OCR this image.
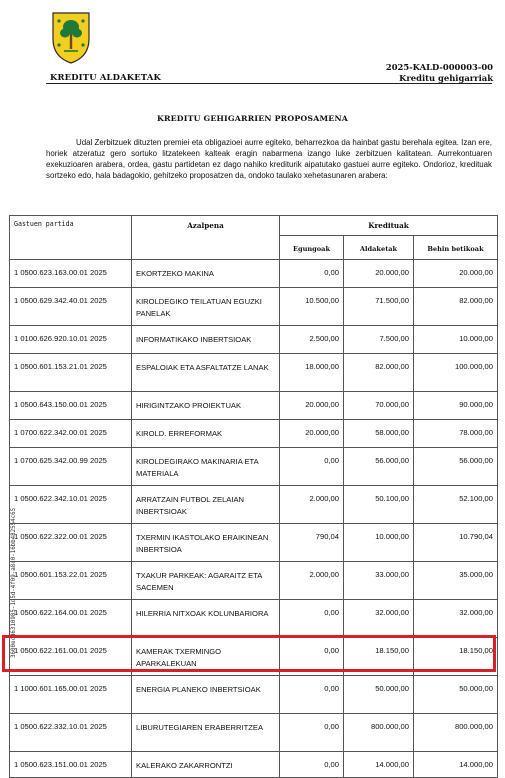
KREDITU ALDAKETAK
2025-KALD-000003-00
Kreditu gehigarriak
KREDITU GEHIGARRIEN PROPOSAMENA

Udal Zerbitzuek dituzten premiei eta obligazioei aurre egiteko, beharrezkoa da hainbat gastu berehala egitea. Izan ere, horiek atzeratuz gero sortuko litzatekeen kalteak eragin nabarmena izango luke zerbitzuen kalitatean. Aurrekontuaren exekuzioaren arabera, ordea, gastu partidetan ez dago nahiko krediturik aipatutako gastuei aurre egiteko. Ondorioz, kredituak sortzeko edo, hala badagokio, gehitzeko proposatzen da, ondoko taulako xehetasunaren arabera:

3600ecd6310985-1d5d-4f09-a8c0-16bb482554c65
Gastuen partida	Azalpena	Kredituak		
		Egungoak	Aldaketak	Behin betikoak
1 0500.623.163.00.01 2025	EKORTZEKO MAKINA	0,00	20.000,00	20.000,00
1 0500.629.342.40.01 2025	KIROLDEGIKO TEILATUAN EGUZKI PANELAK	10.500,00	71.500,00	82.000,00
1 0100.626.920.10.01 2025	INFORMATIKAKO INBERTSIOAK	2.500,00	7.500,00	10.000,00
1 0500.601.153.21.01 2025	ESPALOIAK ETA ASFALTATZE LANAK	18.000,00	82.000,00	100.000,00
1 0500.643.150.00.01 2025	HIRIGINTZAKO PROIEKTUAK	20.000,00	70.000,00	90.000,00
1 0700.622.342.00.01 2025	KIROLD. ERREFORMAK	20.000,00	58.000,00	78.000,00
1 0700.625.342.00.99 2025	KIROLDEGIRAKO MAKINARIA ETA MATERIALA	0,00	56.000,00	56.000,00
1 0500.622.342.10.01 2025	ARRATZAIN FUTBOL ZELAIAN INBERTSIOAK	2.000,00	50.100,00	52.100,00
1 0500.622.322.00.01 2025	TXERMIN IKASTOLAKO ERAIKINEAN INBERTSIOA	790,04	10.000,00	10.790,04
1 0500.601.153.22.01 2025	TXAKUR PARKEAK: AGARAITZ ETA SACEMEN	2.000,00	33.000,00	35.000,00
1 0500.622.164.00.01 2025	HILERRIA NITXOAK KOLUNBARIORA	0,00	32.000,00	32.000,00
1 0500.622.161.00.01 2025	KAMERAK TXERMINGO APARKALEKUAN	0,00	18.150,00	18.150,00
1 1000.601.165.00.01 2025	ENERGIA PLANEKO INBERTSIOAK	0,00	50.000,00	50.000,00
1 0500.622.332.10.01 2025	LIBURUTEGIAREN ERABERRITZEA	0,00	800.000,00	800.000,00
1 0500.623.151.00.01 2025	KALERAKO ZAKARRONTZI	0,00	14.000,00	14.000,00
